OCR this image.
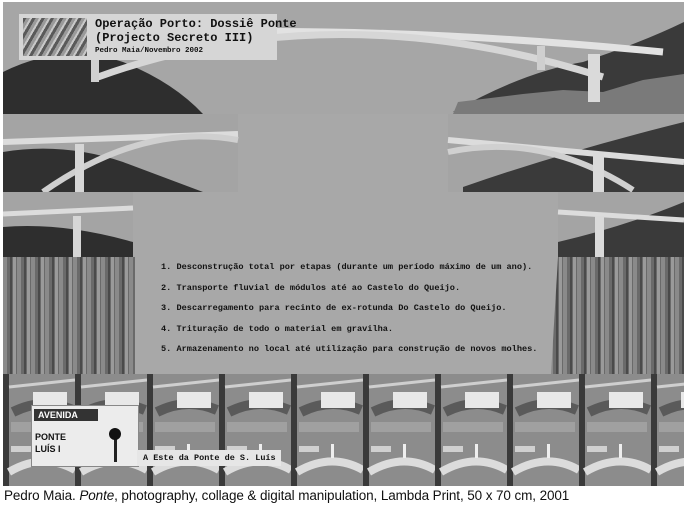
Operação Porto: Dossiê Ponte
(Projecto Secreto III)
Pedro Maia/Novembro 2002
1. Desconstrução total por etapas (durante um período máximo de um ano).
2. Transporte fluvial de módulos até ao Castelo do Queijo.
3. Descarregamento para recinto de ex-rotunda Do Castelo do Queijo.
4. Trituração de todo o material em gravilha.
5. Armazenamento no local até utilização para construção de novos molhes.
AVENIDA
PONTE
LUÍS I
A Este da Ponte de S. Luís
Pedro Maia. Ponte, photography, collage & digital manipulation, Lambda Print, 50 x 70 cm, 2001
